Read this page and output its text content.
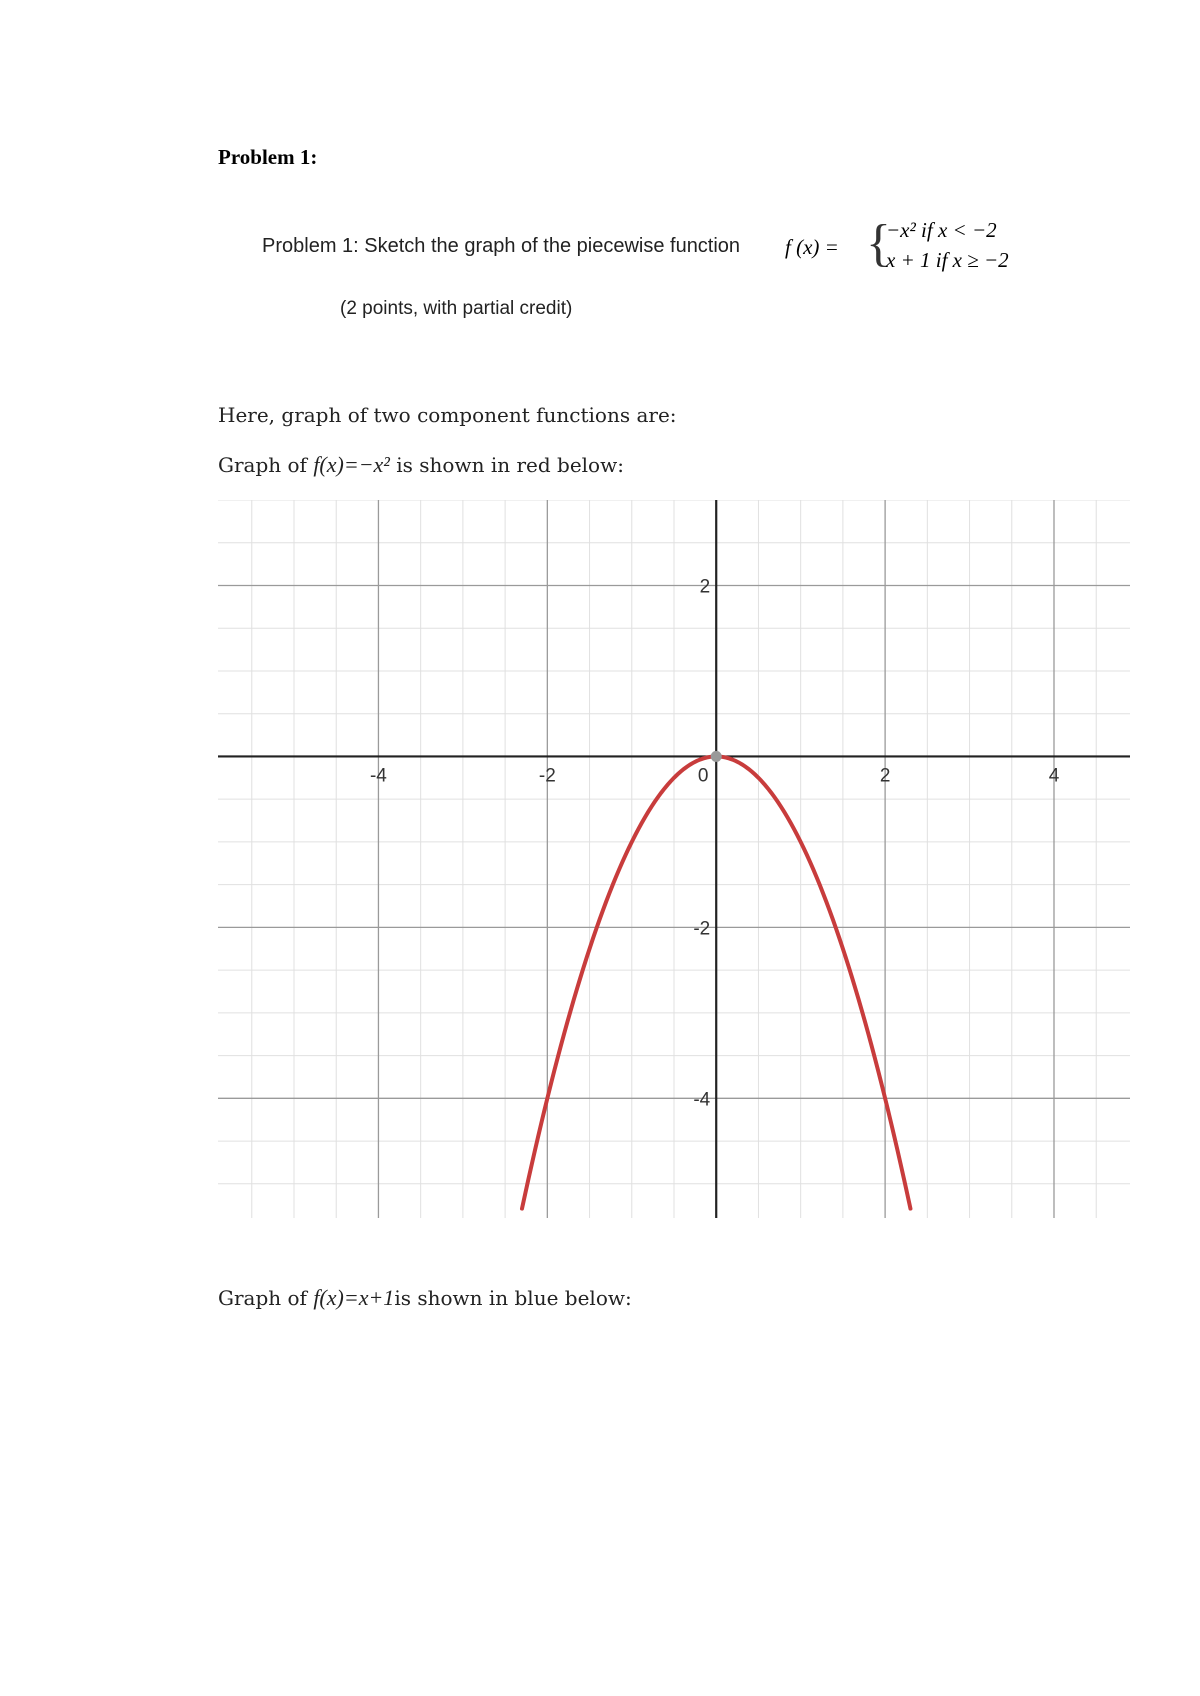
Problem 1:
Problem 1: Sketch the graph of the piecewise function f (x) = {
−x² if x < −2
x + 1 if x ≥ −2
(2 points, with partial credit)
Here, graph of two component functions are:
Graph of f(x)=−x² is shown in red below:
-4	-2	0	2	4
2
-2
-4
Graph of f(x)=x+1is shown in blue below:
